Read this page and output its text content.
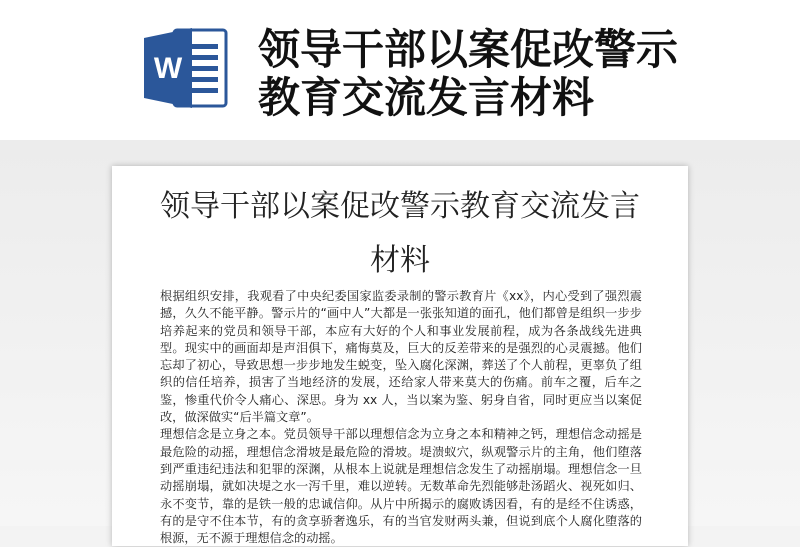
W 领导干部以案促改警示教育交流发言材料
领导干部以案促改警示教育交流发言材料

根据组织安排，我观看了中央纪委国家监委录制的警示教育片《xx》，内心受到了强烈震撼，久久不能平静。警示片的“画中人”大都是一张张知道的面孔，他们都曾是组织一步步培养起来的党员和领导干部，本应有大好的个人和事业发展前程，成为各条战线先进典型。现实中的画面却是声泪俱下，痛悔莫及，巨大的反差带来的是强烈的心灵震撼。他们忘却了初心，导致思想一步步地发生蜕变，坠入腐化深渊，葬送了个人前程，更辜负了组织的信任培养，损害了当地经济的发展，还给家人带来莫大的伤痛。前车之覆，后车之鉴，惨重代价令人痛心、深思。身为 xx 人，当以案为鉴、躬身自省，同时更应当以案促改，做深做实“后半篇文章”。

理想信念是立身之本。党员领导干部以理想信念为立身之本和精神之钙，理想信念动摇是最危险的动摇，理想信念滑坡是最危险的滑坡。堤溃蚁穴，纵观警示片的主角，他们堕落到严重违纪违法和犯罪的深渊，从根本上说就是理想信念发生了动摇崩塌。理想信念一旦动摇崩塌，就如决堤之水一泻千里，难以逆转。无数革命先烈能够赴汤蹈火、视死如归、永不变节，靠的是铁一般的忠诚信仰。从片中所揭示的腐败诱因看，有的是经不住诱惑，有的是守不住本节，有的贪享骄奢逸乐，有的当官发财两头兼，但说到底个人腐化堕落的根源，无不源于理想信念的动摇。
